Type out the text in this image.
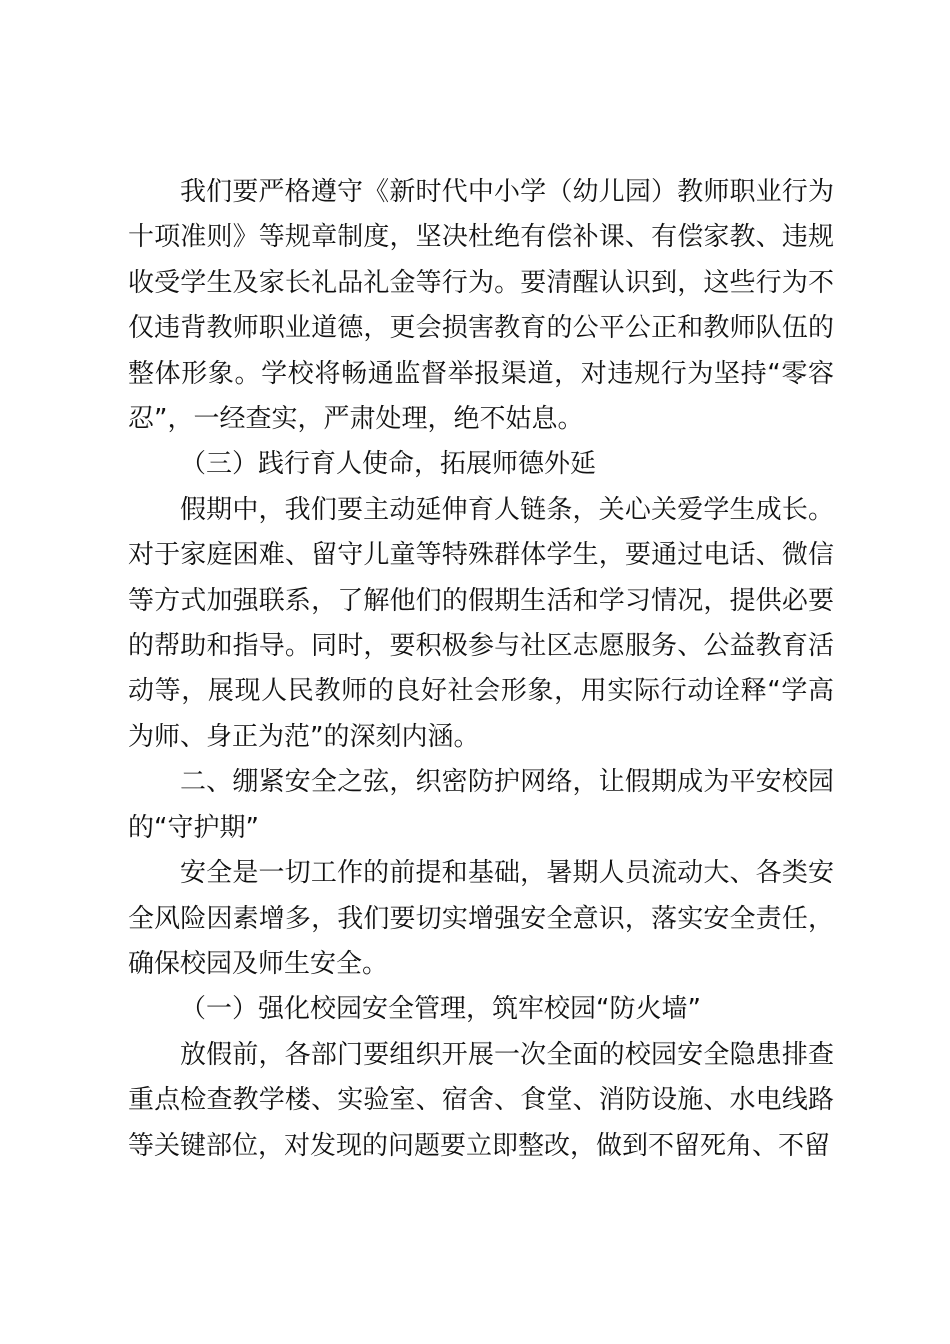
我们要严格遵守《新时代中小学（幼儿园）教师职业行为十项准则》等规章制度，坚决杜绝有偿补课、有偿家教、违规收受学生及家长礼品礼金等行为。要清醒认识到，这些行为不仅违背教师职业道德，更会损害教育的公平公正和教师队伍的整体形象。学校将畅通监督举报渠道，对违规行为坚持“零容忍”，一经查实，严肃处理，绝不姑息。

（三）践行育人使命，拓展师德外延

假期中，我们要主动延伸育人链条，关心关爱学生成长。对于家庭困难、留守儿童等特殊群体学生，要通过电话、微信等方式加强联系，了解他们的假期生活和学习情况，提供必要的帮助和指导。同时，要积极参与社区志愿服务、公益教育活动等，展现人民教师的良好社会形象，用实际行动诠释“学高为师、身正为范”的深刻内涵。

二、绷紧安全之弦，织密防护网络，让假期成为平安校园的“守护期”

安全是一切工作的前提和基础，暑期人员流动大、各类安全风险因素增多，我们要切实增强安全意识，落实安全责任，确保校园及师生安全。

（一）强化校园安全管理，筑牢校园“防火墙”

放假前，各部门要组织开展一次全面的校园安全隐患排查重点检查教学楼、实验室、宿舍、食堂、消防设施、水电线路等关键部位，对发现的问题要立即整改，做到不留死角、不留
